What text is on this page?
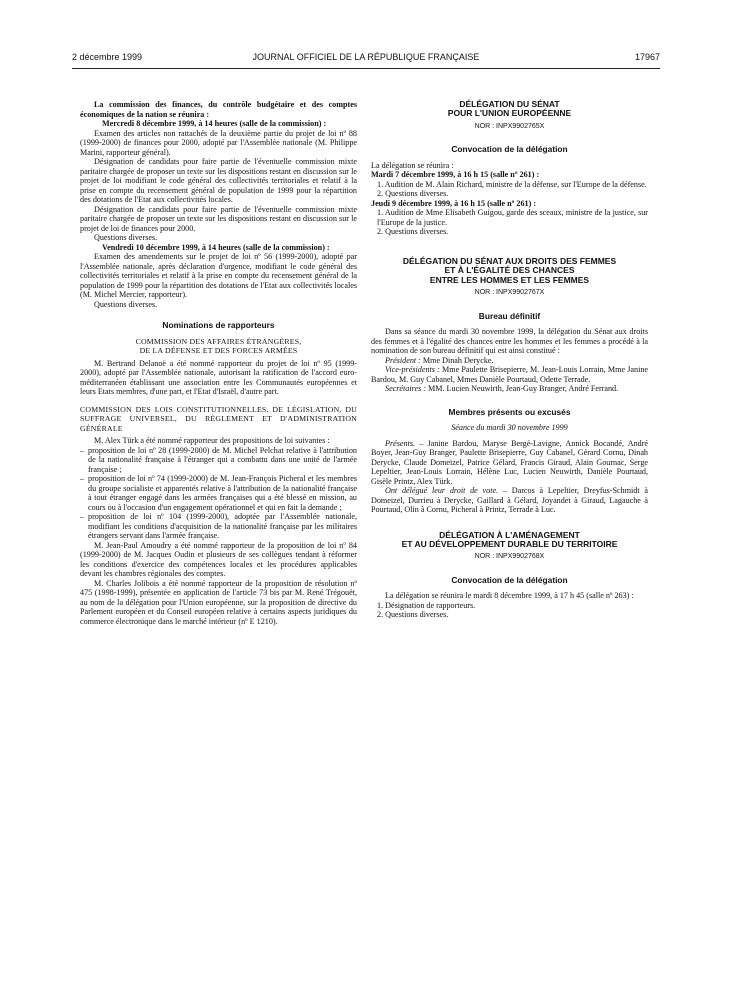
2 décembre 1999	JOURNAL OFFICIEL DE LA RÉPUBLIQUE FRANÇAISE	17967

La commission des finances, du contrôle budgétaire et des comptes économiques de la nation se réunira :

Mercredi 8 décembre 1999, à 14 heures (salle de la commission) :

Examen des articles non rattachés de la deuxième partie du projet de loi nº 88 (1999-2000) de finances pour 2000, adopté par l'Assemblée nationale (M. Philippe Marini, rapporteur général).

Désignation de candidats pour faire partie de l'éventuelle commission mixte paritaire chargée de proposer un texte sur les dispositions restant en discussion sur le projet de loi modifiant le code général des collectivités territoriales et relatif à la prise en compte du recensement général de population de 1999 pour la répartition des dotations de l'Etat aux collectivités locales.

Désignation de candidats pour faire partie de l'éventuelle commission mixte paritaire chargée de proposer un texte sur les dispositions restant en discussion sur le projet de loi de finances pour 2000.

Questions diverses.

Vendredi 10 décembre 1999, à 14 heures (salle de la commission) :

Examen des amendements sur le projet de loi nº 56 (1999-2000), adopté par l'Assemblée nationale, après déclaration d'urgence, modifiant le code général des collectivités territoriales et relatif à la prise en compte du recensement général de la population de 1999 pour la répartition des dotations de l'Etat aux collectivités locales (M. Michel Mercier, rapporteur).

Questions diverses.

Nominations de rapporteurs
COMMISSION DES AFFAIRES ÉTRANGÈRES,
DE LA DÉFENSE ET DES FORCES ARMÉES

M. Bertrand Delanoë a été nommé rapporteur du projet de loi nº 95 (1999-2000), adopté par l'Assemblée nationale, autorisant la ratification de l'accord euro-méditerranéen établissant une association entre les Communautés européennes et leurs Etats membres, d'une part, et l'Etat d'Israël, d'autre part.

COMMISSION DES LOIS CONSTITUTIONNELLES, DE LÉGISLATION, DU SUFFRAGE UNIVERSEL, DU RÈGLEMENT ET D'ADMINISTRATION GÉNÉRALE

M. Alex Türk a été nommé rapporteur des propositions de loi suivantes :

– proposition de loi nº 28 (1999-2000) de M. Michel Pelchat relative à l'attribution de la nationalité française à l'étranger qui a combattu dans une unité de l'armée française ;
– proposition de loi nº 74 (1999-2000) de M. Jean-François Picheral et les membres du groupe socialiste et apparentés relative à l'attribution de la nationalité française à tout étranger engagé dans les armées françaises qui a été blessé en mission, au cours ou à l'occasion d'un engagement opérationnel et qui en fait la demande ;
– proposition de loi nº 104 (1999-2000), adoptée par l'Assemblée nationale, modifiant les conditions d'acquisition de la nationalité française par les militaires étrangers servant dans l'armée française.

M. Jean-Paul Amoudry a été nommé rapporteur de la proposition de loi nº 84 (1999-2000) de M. Jacques Oudin et plusieurs de ses collègues tendant à réformer les conditions d'exercice des compétences locales et les procédures applicables devant les chambres régionales des comptes.

M. Charles Jolibois a été nommé rapporteur de la proposition de résolution nº 475 (1998-1999), présentée en application de l'article 73 bis par M. René Trégouët, au nom de la délégation pour l'Union européenne, sur la proposition de directive du Parlement européen et du Conseil européen relative à certains aspects juridiques du commerce électronique dans le marché intérieur (nº E 1210).

DÉLÉGATION DU SÉNAT
POUR L'UNION EUROPÉENNE
NOR : INPX9902765X
Convocation de la délégation

La délégation se réunira :

Mardi 7 décembre 1999, à 16 h 15 (salle nº 261) :

1. Audition de M. Alain Richard, ministre de la défense, sur l'Europe de la défense.
2. Questions diverses.

Jeudi 9 décembre 1999, à 16 h 15 (salle nº 261) :

1. Audition de Mme Elisabeth Guigou, garde des sceaux, ministre de la justice, sur l'Europe de la justice.
2. Questions diverses.
DÉLÉGATION DU SÉNAT AUX DROITS DES FEMMES
ET À L'ÉGALITÉ DES CHANCES
ENTRE LES HOMMES ET LES FEMMES
NOR : INPX9902767X
Bureau définitif

Dans sa séance du mardi 30 novembre 1999, la délégation du Sénat aux droits des femmes et à l'égalité des chances entre les hommes et les femmes a procédé à la nomination de son bureau définitif qui est ainsi constitué :

Président : Mme Dinah Derycke.

Vice-présidents : Mme Paulette Brisepierre, M. Jean-Louis Lorrain, Mme Janine Bardou, M. Guy Cabanel, Mmes Danièle Pourtaud, Odette Terrade.

Secrétaires : MM. Lucien Neuwirth, Jean-Guy Branger, André Ferrand.

Membres présents ou excusés
Séance du mardi 30 novembre 1999

Présents. – Janine Bardou, Maryse Bergé-Lavigne, Annick Bocandé, André Boyer, Jean-Guy Branger, Paulette Brisepierre, Guy Cabanel, Gérard Cornu, Dinah Derycke, Claude Domeizel, Patrice Gélard, Francis Giraud, Alain Gournac, Serge Lepeltier, Jean-Louis Lorrain, Hélène Luc, Lucien Neuwirth, Danièle Pourtaud, Gisèle Printz, Alex Türk.

Ont délégué leur droit de vote. – Darcos à Lepeltier, Dreyfus-Schmidt à Domeizel, Durrieu à Derycke, Gaillard à Gélard, Joyandet à Giraud, Lagauche à Pourtaud, Olin à Cornu, Picheral à Printz, Terrade à Luc.

DÉLÉGATION À L'AMÉNAGEMENT
ET AU DÉVELOPPEMENT DURABLE DU TERRITOIRE
NOR : INPX9902768X
Convocation de la délégation

La délégation se réunira le mardi 8 décembre 1999, à 17 h 45 (salle nº 263) :

1. Désignation de rapporteurs.
2. Questions diverses.
